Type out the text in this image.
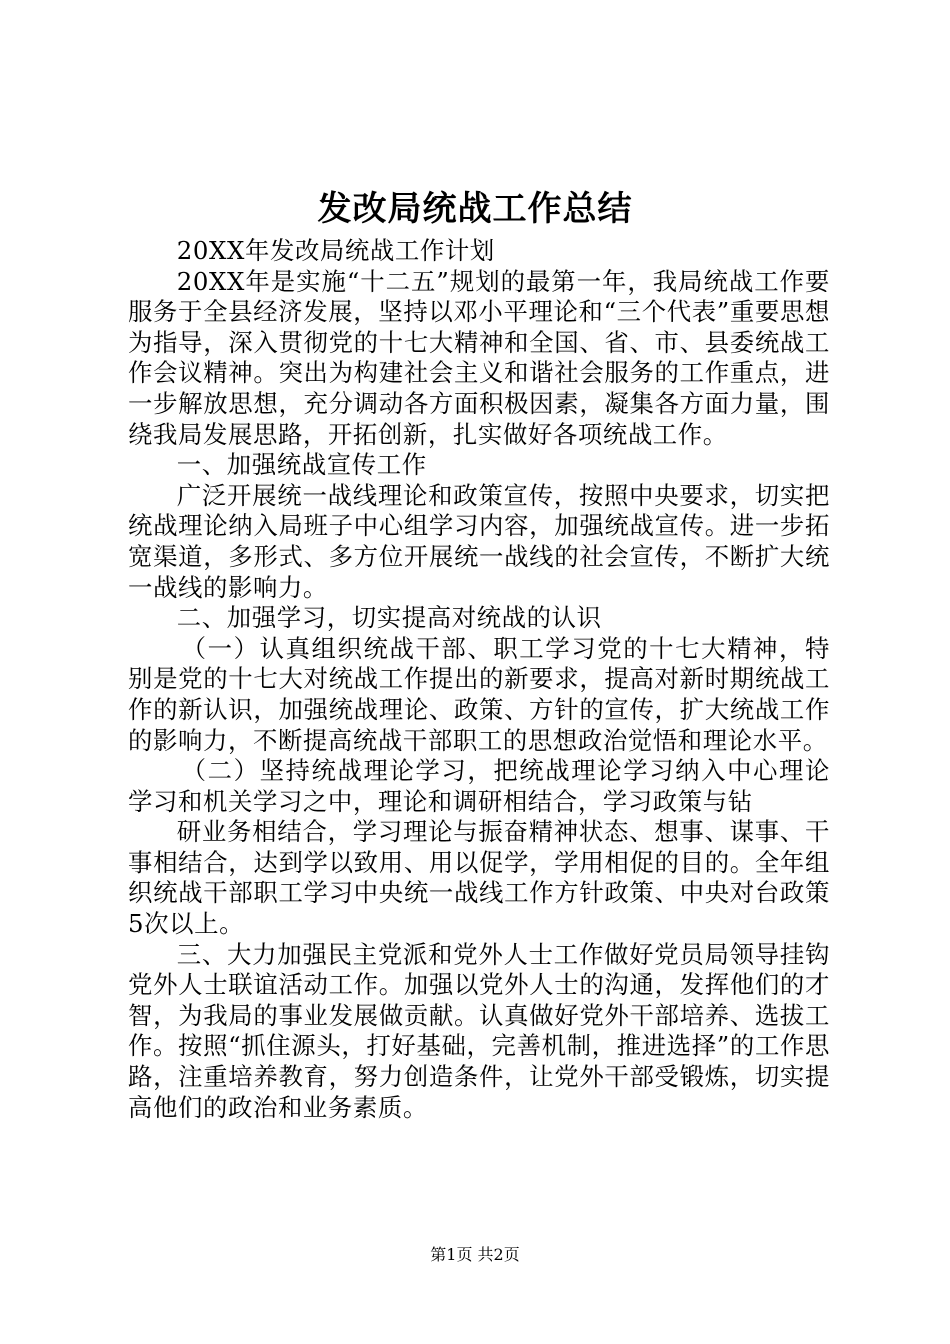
发改局统战工作总结

20XX年发改局统战工作计划

20XX年是实施“十二五”规划的最第一年，我局统战工作要服务于全县经济发展，坚持以邓小平理论和“三个代表”重要思想为指导，深入贯彻党的十七大精神和全国、省、市、县委统战工作会议精神。突出为构建社会主义和谐社会服务的工作重点，进一步解放思想，充分调动各方面积极因素，凝集各方面力量，围绕我局发展思路，开拓创新，扎实做好各项统战工作。

一、加强统战宣传工作

广泛开展统一战线理论和政策宣传，按照中央要求，切实把统战理论纳入局班子中心组学习内容，加强统战宣传。进一步拓宽渠道，多形式、多方位开展统一战线的社会宣传，不断扩大统一战线的影响力。

二、加强学习，切实提高对统战的认识

（一）认真组织统战干部、职工学习党的十七大精神，特别是党的十七大对统战工作提出的新要求，提高对新时期统战工作的新认识，加强统战理论、政策、方针的宣传，扩大统战工作的影响力，不断提高统战干部职工的思想政治觉悟和理论水平。

（二）坚持统战理论学习，把统战理论学习纳入中心理论学习和机关学习之中，理论和调研相结合，学习政策与钻

研业务相结合，学习理论与振奋精神状态、想事、谋事、干事相结合，达到学以致用、用以促学，学用相促的目的。全年组织统战干部职工学习中央统一战线工作方针政策、中央对台政策5次以上。

三、大力加强民主党派和党外人士工作做好党员局领导挂钩党外人士联谊活动工作。加强以党外人士的沟通，发挥他们的才智，为我局的事业发展做贡献。认真做好党外干部培养、选拔工作。按照“抓住源头，打好基础，完善机制，推进选择”的工作思路，注重培养教育，努力创造条件，让党外干部受锻炼，切实提高他们的政治和业务素质。

第1页 共2页
